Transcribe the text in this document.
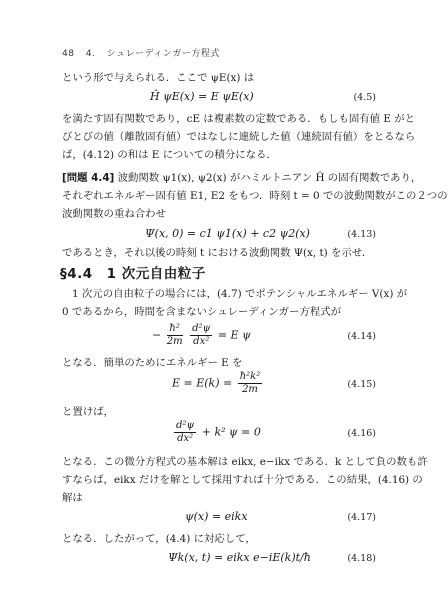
48 4. シュレーディンガー方程式
という形で与えられる．ここで ψE(x) は
Ĥ ψE(x) = E ψE(x)	(4.5)
を満たす固有関数であり，cE は複素数の定数である．もしも固有値 E がと
びとびの値（離散固有値）ではなしに連続した値（連続固有値）をとるなら
ば，(4.12) の和は E についての積分になる．
[問題 4.4] 波動関数 ψ1(x), ψ2(x) がハミルトニアン Ĥ の固有関数であり，
それぞれエネルギー固有値 E1, E2 をもつ．時刻 t = 0 での波動関数がこの２つの
波動関数の重ね合わせ
Ψ(x, 0) = c1 ψ1(x) + c2 ψ2(x)	(4.13)
であるとき，それ以後の時刻 t における波動関数 Ψ(x, t) を示せ．
§4.4　1 次元自由粒子
1 次元の自由粒子の場合には，(4.7) でポテンシャルエネルギー V(x) が
0 であるから，時間を含まないシュレーディンガー方程式が
− $\frac{\text{ħ²}}{2m}$
$\frac{\text{d²ψ}}{\text{dx²}} = E$ ψ	(4.14)
となる．簡単のためにエネルギー E を
$E = E(k) = \frac{\text{ħ²k²}}{2m}$	(4.15)
と置けば，
$\frac{\text{d²ψ}}{\text{dx²}} + k^2$ ψ = 0	(4.16)
となる．この微分方程式の基本解は eikx, e−ikx である．k として負の数も許
すならば，eikx だけを解として採用すれば十分である．この結果，(4.16) の
解は
ψ(x) = eikx	(4.17)
となる．したがって，(4.4) に対応して，
Ψk(x, t) = eikx e−iE(k)t/ħ	(4.18)
